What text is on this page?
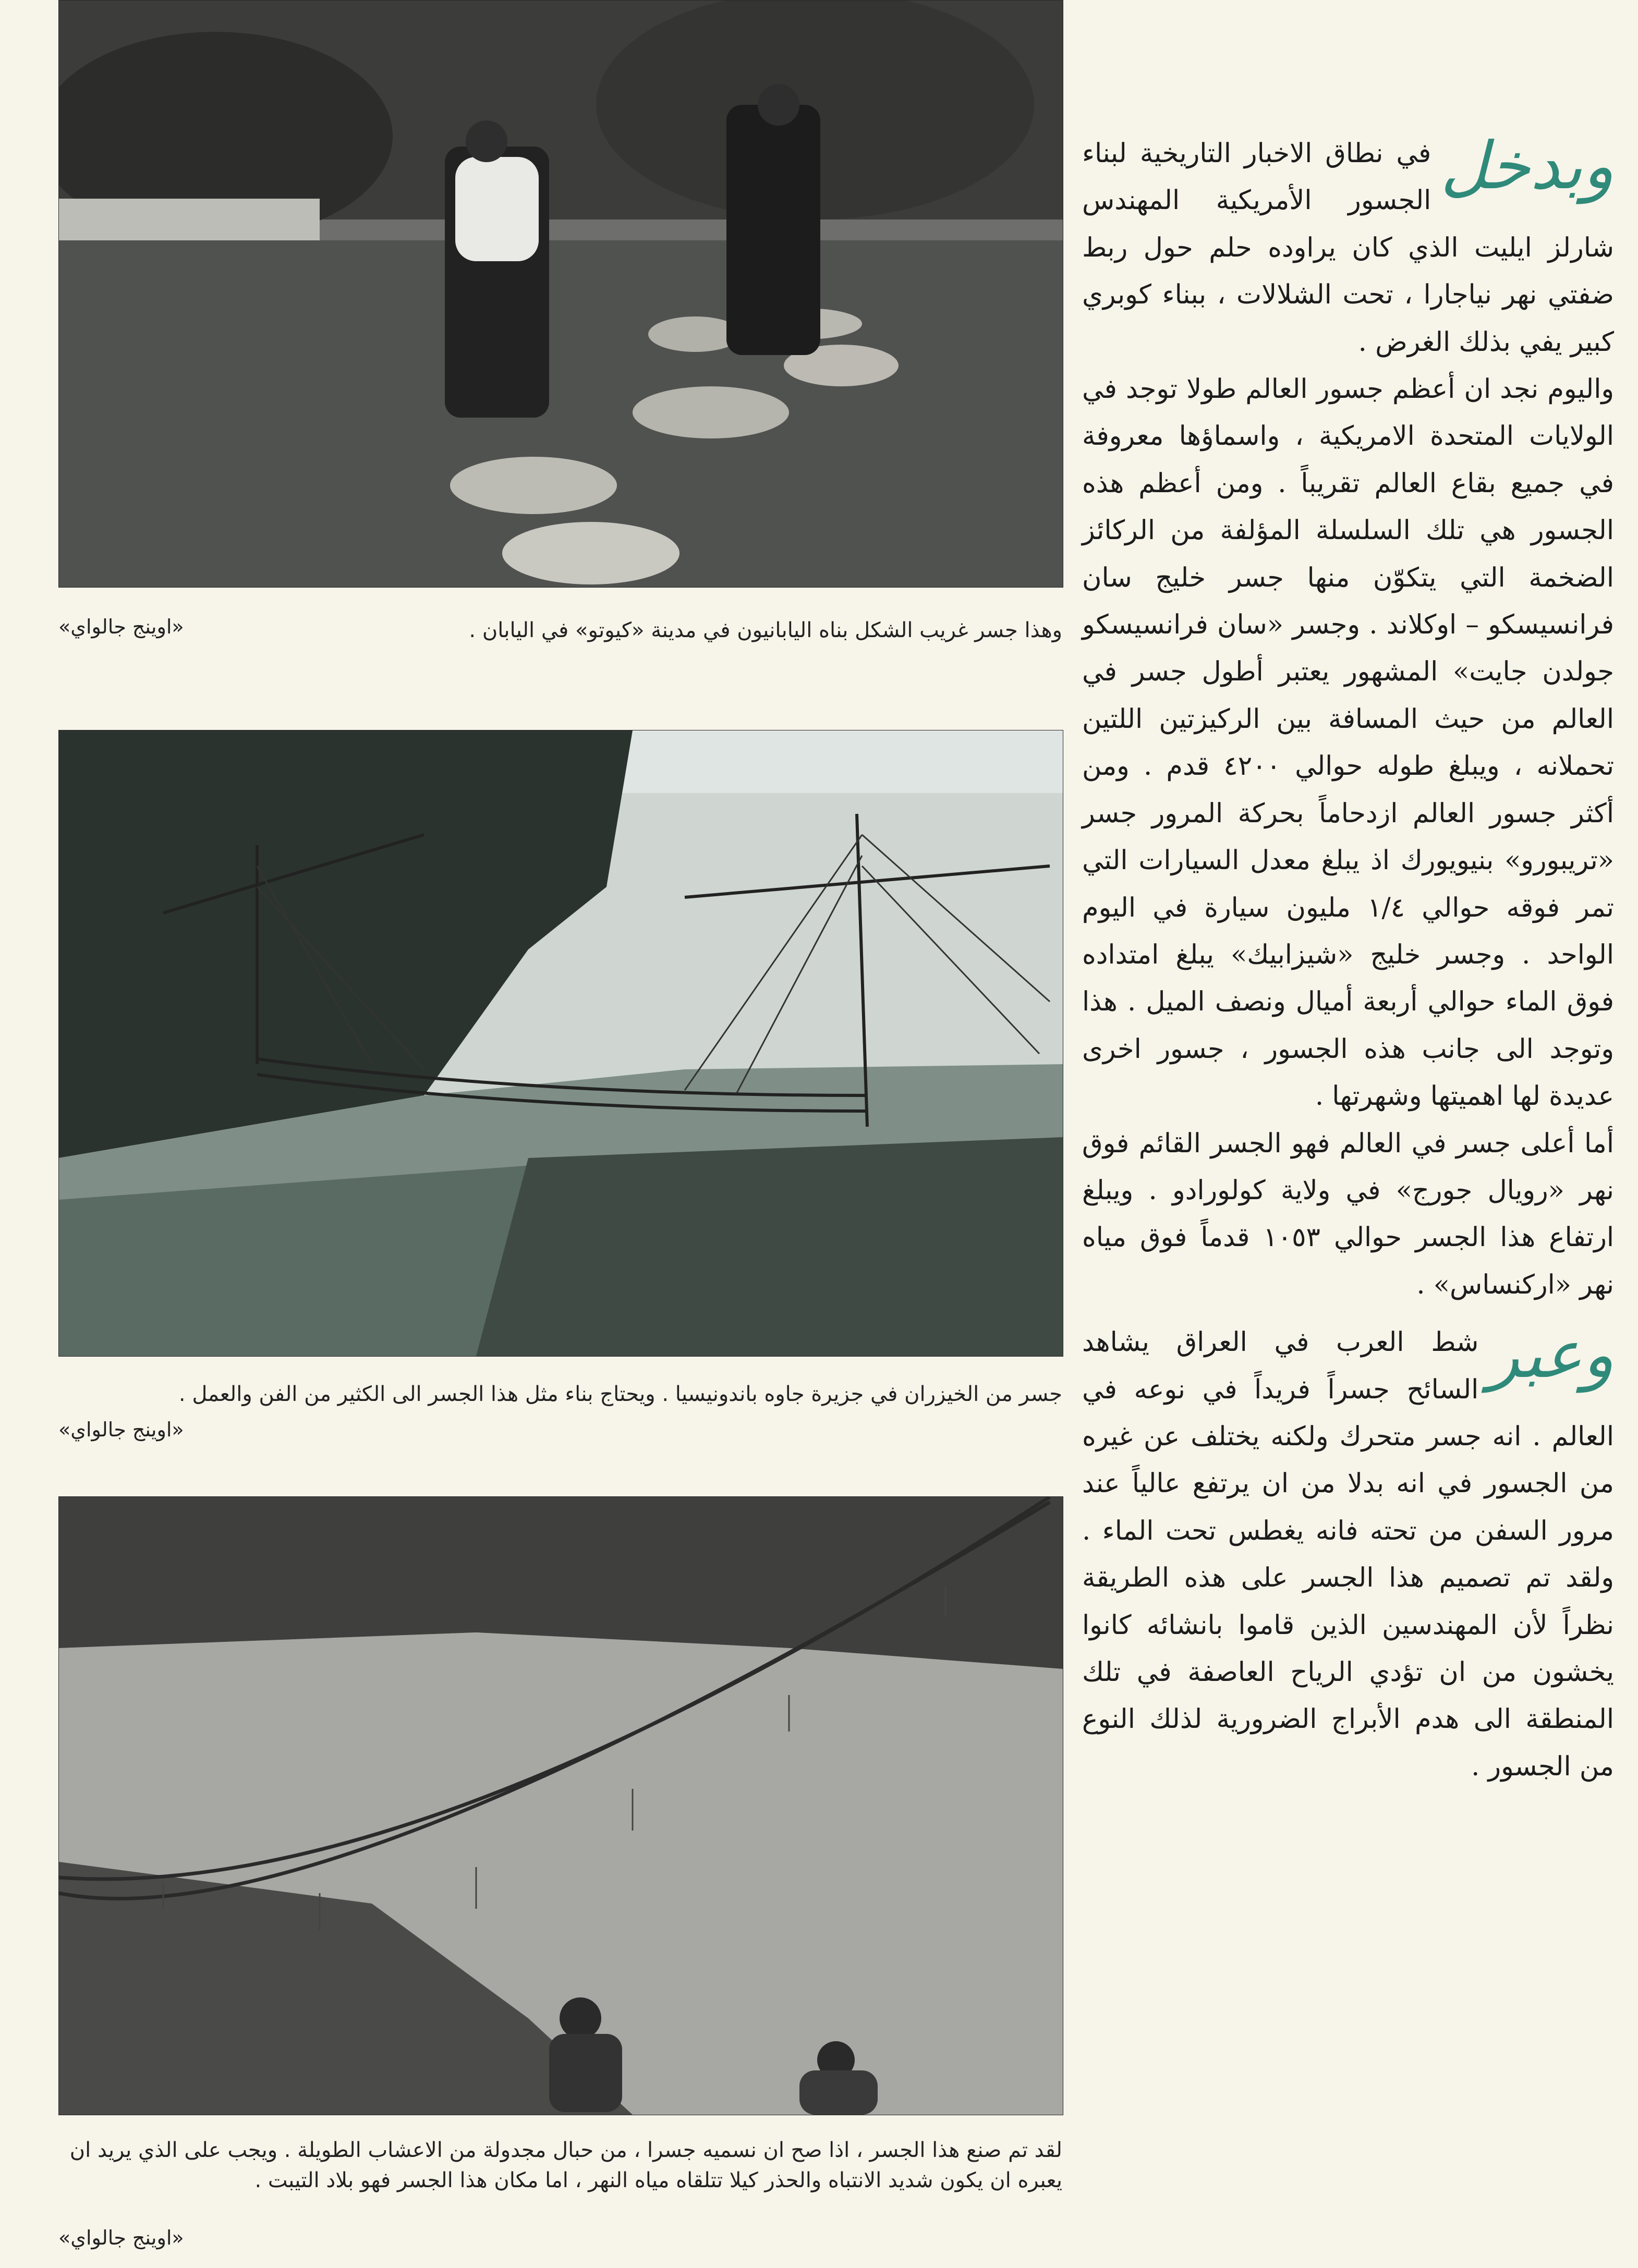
وهذا جسر غريب الشكل بناه اليابانيون في مدينة «كيوتو» في اليابان .
«اوينج جالواي»
جسر من الخيزران في جزيرة جاوه باندونيسيا . ويحتاج بناء مثل هذا الجسر الى الكثير من الفن والعمل .
«اوينج جالواي»
لقد تم صنع هذا الجسر ، اذا صح ان نسميه جسرا ، من حبال مجدولة من الاعشاب الطويلة . ويجب على الذي يريد ان يعبره ان يكون شديد الانتباه والحذر كيلا تتلقاه مياه النهر ، اما مكان هذا الجسر فهو بلاد التيبت .
«اوينج جالواي»
وبدخل

في نطاق الاخبار التاريخية لبناء الجسور الأمريكية المهندس شارلز ايليت الذي كان يراوده حلم حول ربط ضفتي نهر نياجارا ، تحت الشلالات ، ببناء كوبري كبير يفي بذلك الغرض .

واليوم نجد ان أعظم جسور العالم طولا توجد في الولايات المتحدة الامريكية ، واسماؤها معروفة في جميع بقاع العالم تقريباً . ومن أعظم هذه الجسور هي تلك السلسلة المؤلفة من الركائز الضخمة التي يتكوّن منها جسر خليج سان فرانسيسكو – اوكلاند . وجسر «سان فرانسيسكو جولدن جايت» المشهور يعتبر أطول جسر في العالم من حيث المسافة بين الركيزتين اللتين تحملانه ، ويبلغ طوله حوالي ٤٢٠٠ قدم . ومن أكثر جسور العالم ازدحاماً بحركة المرور جسر «تريبورو» بنيويورك اذ يبلغ معدل السيارات التي تمر فوقه حوالي ١/٤ مليون سيارة في اليوم الواحد . وجسر خليج «شيزابيك» يبلغ امتداده فوق الماء حوالي أربعة أميال ونصف الميل . هذا وتوجد الى جانب هذه الجسور ، جسور اخرى عديدة لها اهميتها وشهرتها .

أما أعلى جسر في العالم فهو الجسر القائم فوق نهر «رويال جورج» في ولاية كولورادو . ويبلغ ارتفاع هذا الجسر حوالي ١٠٥٣ قدماً فوق مياه نهر «اركنساس» .

وعبر

شط العرب في العراق يشاهد السائح جسراً فريداً في نوعه في العالم . انه جسر متحرك ولكنه يختلف عن غيره من الجسور في انه بدلا من ان يرتفع عالياً عند مرور السفن من تحته فانه يغطس تحت الماء . ولقد تم تصميم هذا الجسر على هذه الطريقة نظراً لأن المهندسين الذين قاموا بانشائه كانوا يخشون من ان تؤدي الرياح العاصفة في تلك المنطقة الى هدم الأبراج الضرورية لذلك النوع من الجسور .
